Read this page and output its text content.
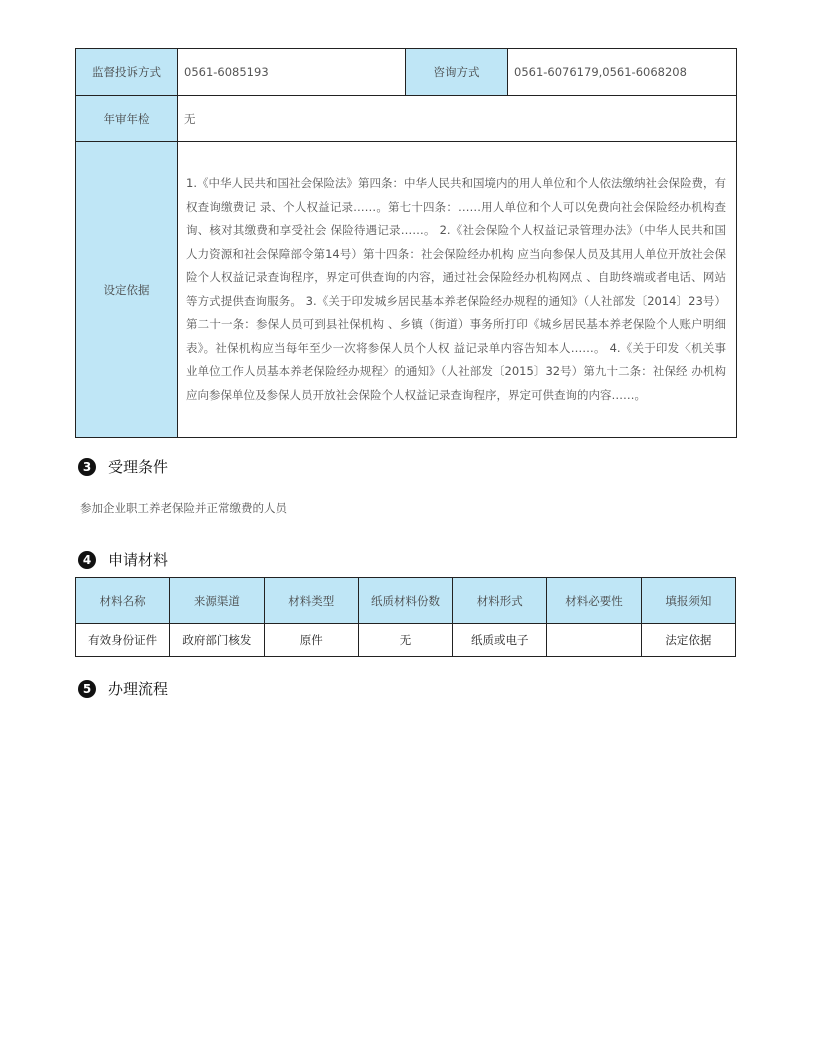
监督投诉方式	0561-6085193	咨询方式	0561-6076179,0561-6068208
年审年检	无		
设定依据	1.《中华人民共和国社会保险法》第四条：中华人民共和国境内的用人单位和个人依法缴纳社会保险费，有权查询缴费记 录、个人权益记录……。第七十四条：……用人单位和个人可以免费向社会保险经办机构查询、核对其缴费和享受社会 保险待遇记录……。 2.《社会保险个人权益记录管理办法》（中华人民共和国人力资源和社会保障部令第14号）第十四条：社会保险经办机构 应当向参保人员及其用人单位开放社会保险个人权益记录查询程序，界定可供查询的内容，通过社会保险经办机构网点 、自助终端或者电话、网站等方式提供查询服务。 3.《关于印发城乡居民基本养老保险经办规程的通知》（人社部发〔2014〕23号）第二十一条：参保人员可到县社保机构 、乡镇（街道）事务所打印《城乡居民基本养老保险个人账户明细表》。社保机构应当每年至少一次将参保人员个人权 益记录单内容告知本人……。 4.《关于印发〈机关事业单位工作人员基本养老保险经办规程〉的通知》（人社部发〔2015〕32号）第九十二条：社保经 办机构应向参保单位及参保人员开放社会保险个人权益记录查询程序，界定可供查询的内容……。		
3	受理条件
参加企业职工养老保险并正常缴费的人员
4	申请材料
材料名称	来源渠道	材料类型	纸质材料份数	材料形式	材料必要性	填报须知
有效身份证件	政府部门核发	原件	无	纸质或电子		法定依据
5	办理流程
